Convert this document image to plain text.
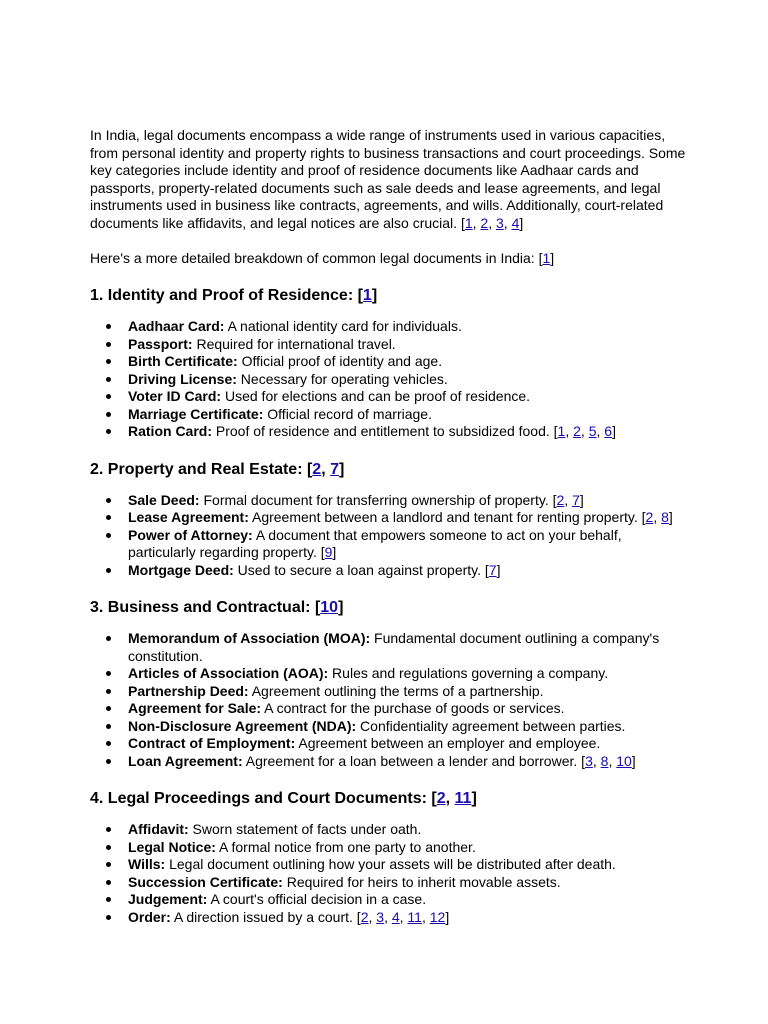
In India, legal documents encompass a wide range of instruments used in various capacities, from personal identity and property rights to business transactions and court proceedings. Some key categories include identity and proof of residence documents like Aadhaar cards and passports, property-related documents such as sale deeds and lease agreements, and legal instruments used in business like contracts, agreements, and wills. Additionally, court-related documents like affidavits, and legal notices are also crucial. [1, 2, 3, 4]

Here's a more detailed breakdown of common legal documents in India: [1]

1. Identity and Proof of Residence: [1]
Aadhaar Card: A national identity card for individuals.
Passport: Required for international travel.
Birth Certificate: Official proof of identity and age.
Driving License: Necessary for operating vehicles.
Voter ID Card: Used for elections and can be proof of residence.
Marriage Certificate: Official record of marriage.
Ration Card: Proof of residence and entitlement to subsidized food. [1, 2, 5, 6]
2. Property and Real Estate: [2, 7]
Sale Deed: Formal document for transferring ownership of property. [2, 7]
Lease Agreement: Agreement between a landlord and tenant for renting property. [2, 8]
Power of Attorney: A document that empowers someone to act on your behalf, particularly regarding property. [9]
Mortgage Deed: Used to secure a loan against property. [7]
3. Business and Contractual: [10]
Memorandum of Association (MOA): Fundamental document outlining a company's constitution.
Articles of Association (AOA): Rules and regulations governing a company.
Partnership Deed: Agreement outlining the terms of a partnership.
Agreement for Sale: A contract for the purchase of goods or services.
Non-Disclosure Agreement (NDA): Confidentiality agreement between parties.
Contract of Employment: Agreement between an employer and employee.
Loan Agreement: Agreement for a loan between a lender and borrower. [3, 8, 10]
4. Legal Proceedings and Court Documents: [2, 11]
Affidavit: Sworn statement of facts under oath.
Legal Notice: A formal notice from one party to another.
Wills: Legal document outlining how your assets will be distributed after death.
Succession Certificate: Required for heirs to inherit movable assets.
Judgement: A court's official decision in a case.
Order: A direction issued by a court. [2, 3, 4, 11, 12]
